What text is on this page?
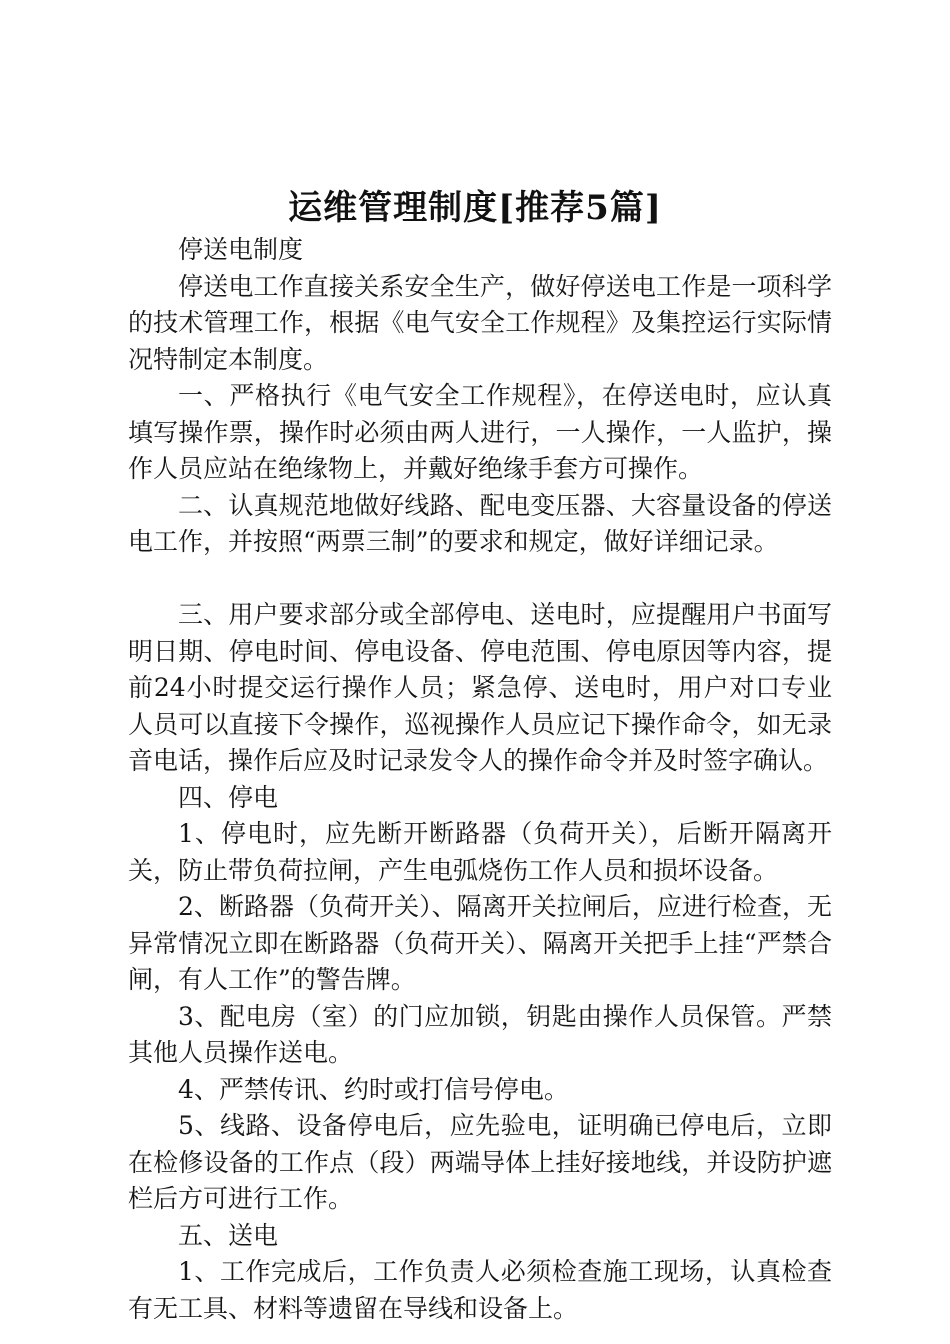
运维管理制度[推荐5篇]

停送电制度

停送电工作直接关系安全生产，做好停送电工作是一项科学的技术管理工作，根据《电气安全工作规程》及集控运行实际情况特制定本制度。

一、严格执行《电气安全工作规程》，在停送电时，应认真填写操作票，操作时必须由两人进行，一人操作，一人监护，操作人员应站在绝缘物上，并戴好绝缘手套方可操作。

二、认真规范地做好线路、配电变压器、大容量设备的停送电工作，并按照“两票三制”的要求和规定，做好详细记录。

三、用户要求部分或全部停电、送电时，应提醒用户书面写明日期、停电时间、停电设备、停电范围、停电原因等内容，提前24小时提交运行操作人员；紧急停、送电时，用户对口专业人员可以直接下令操作，巡视操作人员应记下操作命令，如无录音电话，操作后应及时记录发令人的操作命令并及时签字确认。

四、停电

1、停电时，应先断开断路器（负荷开关），后断开隔离开关，防止带负荷拉闸，产生电弧烧伤工作人员和损坏设备。

2、断路器（负荷开关）、隔离开关拉闸后，应进行检查，无异常情况立即在断路器（负荷开关）、隔离开关把手上挂“严禁合闸，有人工作”的警告牌。

3、配电房（室）的门应加锁，钥匙由操作人员保管。严禁其他人员操作送电。

4、严禁传讯、约时或打信号停电。

5、线路、设备停电后，应先验电，证明确已停电后，立即在检修设备的工作点（段）两端导体上挂好接地线，并设防护遮栏后方可进行工作。

五、送电

1、工作完成后，工作负责人必须检查施工现场，认真检查有无工具、材料等遗留在导线和设备上。
